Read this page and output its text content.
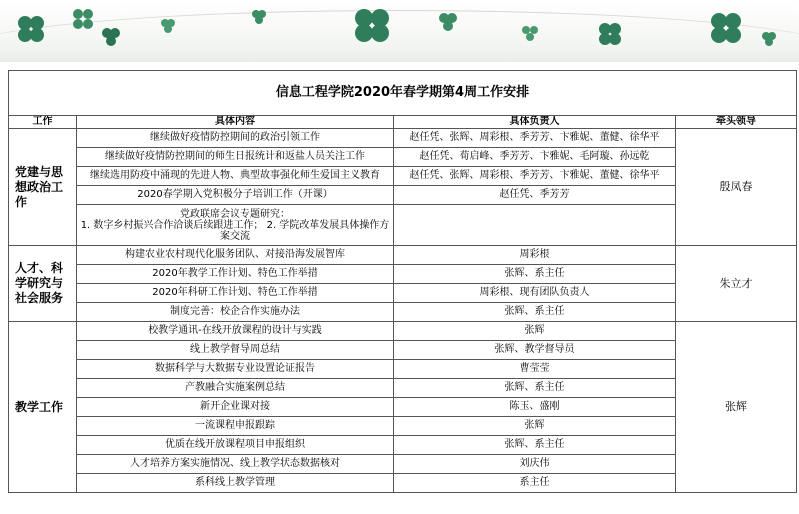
信息工程学院2020年春学期第4周工作安排			
工作	具体内容	具体负责人	牵头领导
党建与思想政治工作	继续做好疫情防控期间的政治引领工作	赵任凭、张辉、周彩根、季芳芳、卞雅妮、董健、徐华平	殷凤春
	继续做好疫情防控期间的师生日报统计和返盐人员关注工作	赵任凭、荀启峰、季芳芳、卞雅妮、毛阿璇、孙远乾	
	继续选用防疫中涌现的先进人物、典型故事强化师生爱国主义教育	赵任凭、张辉、周彩根、季芳芳、卞雅妮、董健、徐华平	
	2020春学期入党积极分子培训工作（开课）	赵任凭、季芳芳	
	党政联席会议专题研究：
1. 数字乡村振兴合作洽谈后续跟进工作； 2. 学院改革发展具体操作方案交流		
人才、科学研究与社会服务	构建农业农村现代化服务团队、对接沿海发展智库	周彩根	朱立才
	2020年教学工作计划、特色工作举措	张辉、系主任	
	2020年科研工作计划、特色工作举措	周彩根、现有团队负责人	
	制度完善：校企合作实施办法	张辉、系主任	
教学工作	校教学通讯-在线开放课程的设计与实践	张辉	张辉
	线上教学督导周总结	张辉、教学督导员	
	数据科学与大数据专业设置论证报告	曹莹莹	
	产教融合实施案例总结	张辉、系主任	
	新开企业课对接	陈玉、盛刚	
	一流课程申报跟踪	张辉	
	优质在线开放课程项目申报组织	张辉、系主任	
	人才培养方案实施情况、线上教学状态数据核对	刘庆伟	
	系科线上教学管理	系主任	
